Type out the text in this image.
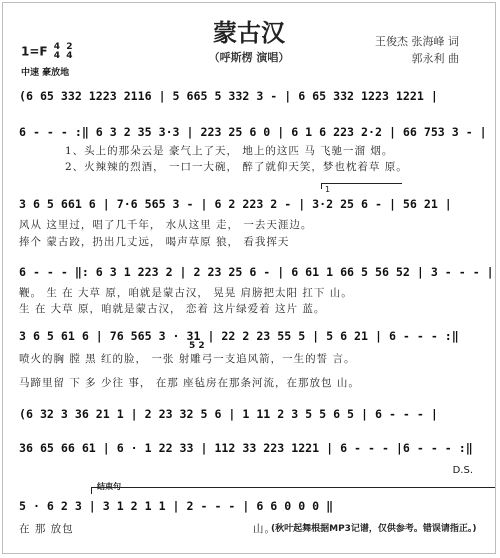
蒙古汉
（呼斯楞 演唱）
王俊杰 张海峰 词
郭永利 曲
1=F 4
4

2
4
中速 豪放地
(6 65 332 1223 2116 | 5 665 5 332 3 - | 6 65 332 1223 1221 |
6 - - - :‖ 6 3 2 35 3·3 | 223 25 6 0 | 6 1 6 223 2·2 | 66 753 3 - |
1、头上的那朵云是 豪气上了天， 地上的这匹 马 飞驰一溜 烟。
2、火辣辣的烈酒， 一口一大碗， 醉了就仰天笑，梦也枕着草 原。
1
3 6 5 661 6 | 7·6 565 3 - | 6 2 223 2 - | 3·2 25 6 - | 56 21 |
风从 这里过，唱了几千年， 水从这里 走， 一去天涯边。
捧个 蒙古跤，扔出几丈远， 喝声草原 狼， 看我挥天
6 - - - ‖: 6 3 1 223 2 | 2 23 25 6 - | 6 61 1 66 5 56 52 | 3 - - - |
鞭。 生 在 大草 原，咱就是蒙古汉， 晃晃 肩膀把太阳 扛下 山。
生 在 大草 原，咱就是蒙古汉， 恋着 这片绿爱着 这片 蓝。
3 6 5 61 6 | 76 565 3 · 31 | 22 2 23 55 5 | 5 6 21 | 6 - - - :‖
5 2
喷火的胸 膛 黑 红的脸， 一张 射雕弓一支追风箭，一生的誓 言。
马蹄里留 下 多 少往 事， 在那 座毡房在那条河流，在那放包 山。
(6 32 3 36 21 1 | 2 23 32 5 6 | 1 11 2 3 5 5 6 5 | 6 - - - |
36 65 66 61 | 6 · 1 22 33 | 112 33 223 1221 | 6 - - - |6 - - - :‖
D.S.
结束句
5 · 6 2 3 | 3 1 2 1 1 | 2 - - - | 6 6 0 0 0 ‖
在 那 放包	山。
(秋叶起舞根据MP3记谱，仅供参考。错误请指正。)
